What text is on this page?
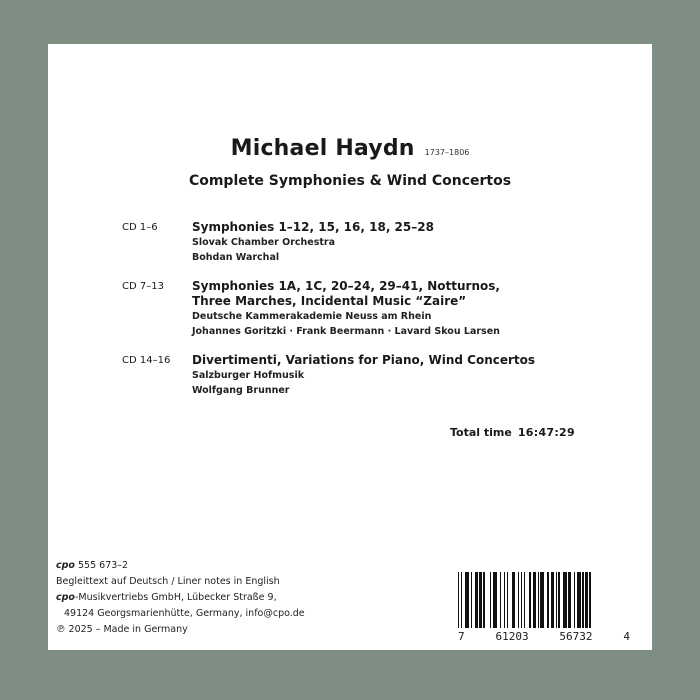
Michael Haydn 1737–1806
Complete Symphonies & Wind Concertos
CD 1–6	Symphonies 1–12, 15, 16, 18, 25–28
Slovak Chamber Orchestra
Bohdan Warchal
CD 7–13	Symphonies 1A, 1C, 20–24, 29–41, Notturnos,
Three Marches, Incidental Music “Zaire”
Deutsche Kammerakademie Neuss am Rhein
Johannes Goritzki · Frank Beermann · Lavard Skou Larsen
CD 14–16	Divertimenti, Variations for Piano, Wind Concertos
Salzburger Hofmusik
Wolfgang Brunner
Total time 16:47:29
cpo 555 673–2
Begleittext auf Deutsch / Liner notes in English
cpo-Musikvertriebs GmbH, Lübecker Straße 9,
49124 Georgsmarienhütte, Germany, info@cpo.de
℗ 2025 – Made in Germany
7	61203	56732	4
